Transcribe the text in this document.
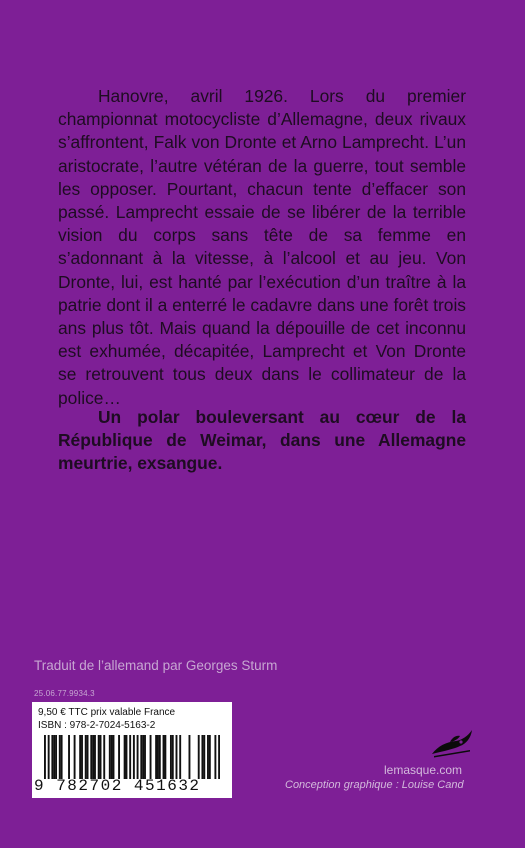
Hanovre, avril 1926. Lors du premier championnat motocycliste d’Allemagne, deux rivaux s’affrontent, Falk von Dronte et Arno Lamprecht. L’un aristocrate, l’autre vétéran de la guerre, tout semble les opposer. Pourtant, chacun tente d’effacer son passé. Lamprecht essaie de se libérer de la terrible vision du corps sans tête de sa femme en s’adonnant à la vitesse, à l’alcool et au jeu. Von Dronte, lui, est hanté par l’exécution d’un traître à la patrie dont il a enterré le cadavre dans une forêt trois ans plus tôt. Mais quand la dépouille de cet inconnu est exhumée, décapitée, Lamprecht et Von Dronte se retrouvent tous deux dans le collimateur de la police…

Un polar bouleversant au cœur de la République de Weimar, dans une Allemagne meurtrie, exsangue.

Traduit de l’allemand par Georges Sturm

25.06.77.9934.3

9,50 € TTC prix valable France

ISBN : 978-2-7024-5163-2

9 782702 451632

lemasque.com

Conception graphique : Louise Cand
